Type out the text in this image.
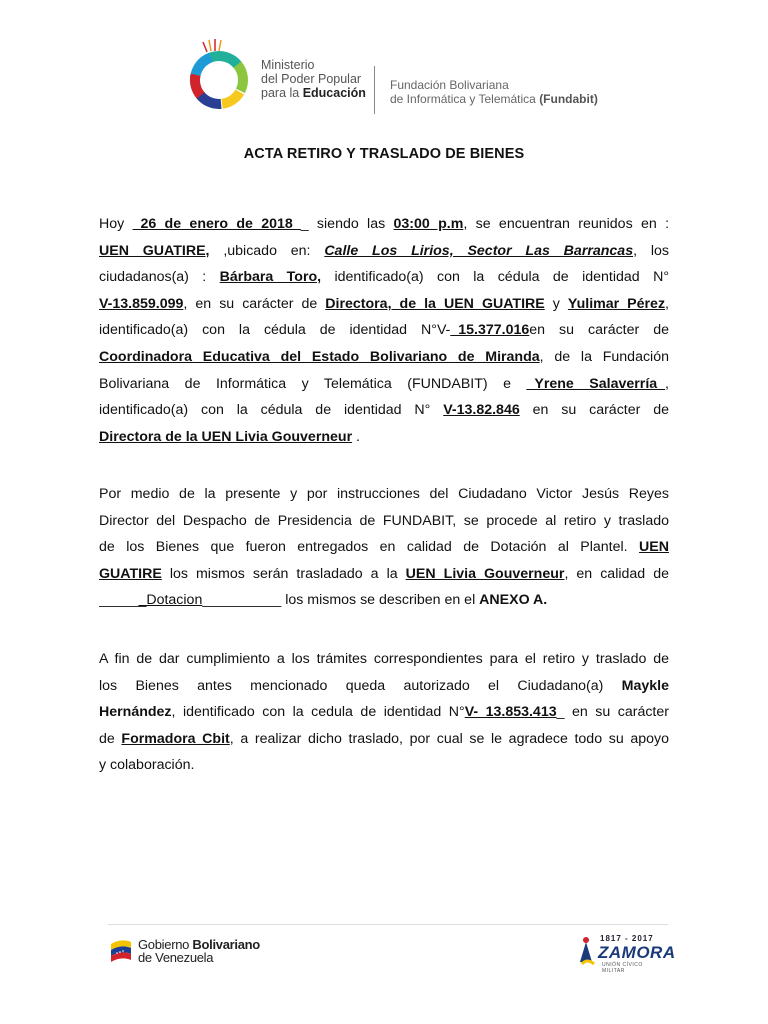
Ministerio
del Poder Popular
para la Educación
Fundación Bolivariana
de Informática y Telemática (Fundabit)
ACTA RETIRO Y TRASLADO DE BIENES
Hoy _26 de enero de 2018__ siendo las 03:00 p.m, se encuentran reunidos en :
UEN GUATIRE, ,ubicado en: Calle Los Lirios, Sector Las Barrancas, los
ciudadanos(a) : Bárbara Toro, identificado(a) con la cédula de identidad N°
V-13.859.099, en su carácter de Directora, de la UEN GUATIRE y Yulimar Pérez,
identificado(a) con la cédula de identidad N°V-_15.377.016en su carácter de
Coordinadora Educativa del Estado Bolivariano de Miranda, de la Fundación
Bolivariana de Informática y Telemática (FUNDABIT) e _Yrene Salaverría_,
identificado(a) con la cédula de identidad N° V-13.82.846 en su carácter de
Directora de la UEN Livia Gouverneur .
Por medio de la presente y por instrucciones del Ciudadano Victor Jesús Reyes
Director del Despacho de Presidencia de FUNDABIT, se procede al retiro y traslado
de los Bienes que fueron entregados en calidad de Dotación al Plantel. UEN
GUATIRE los mismos serán trasladado a la UEN Livia Gouverneur, en calidad de
______Dotacion__________ los mismos se describen en el ANEXO A.
A fin de dar cumplimiento a los trámites correspondientes para el retiro y traslado de
los Bienes antes mencionado queda autorizado el Ciudadano(a) Maykle
Hernández, identificado con la cedula de identidad N°V- 13.853.413_ en su carácter
de Formadora Cbit, a realizar dicho traslado, por cual se le agradece todo su apoyo
y colaboración.
Gobierno Bolivariano
de Venezuela
1817 - 2017
ZAMORA
UNIÓN CÍVICO MILITAR
